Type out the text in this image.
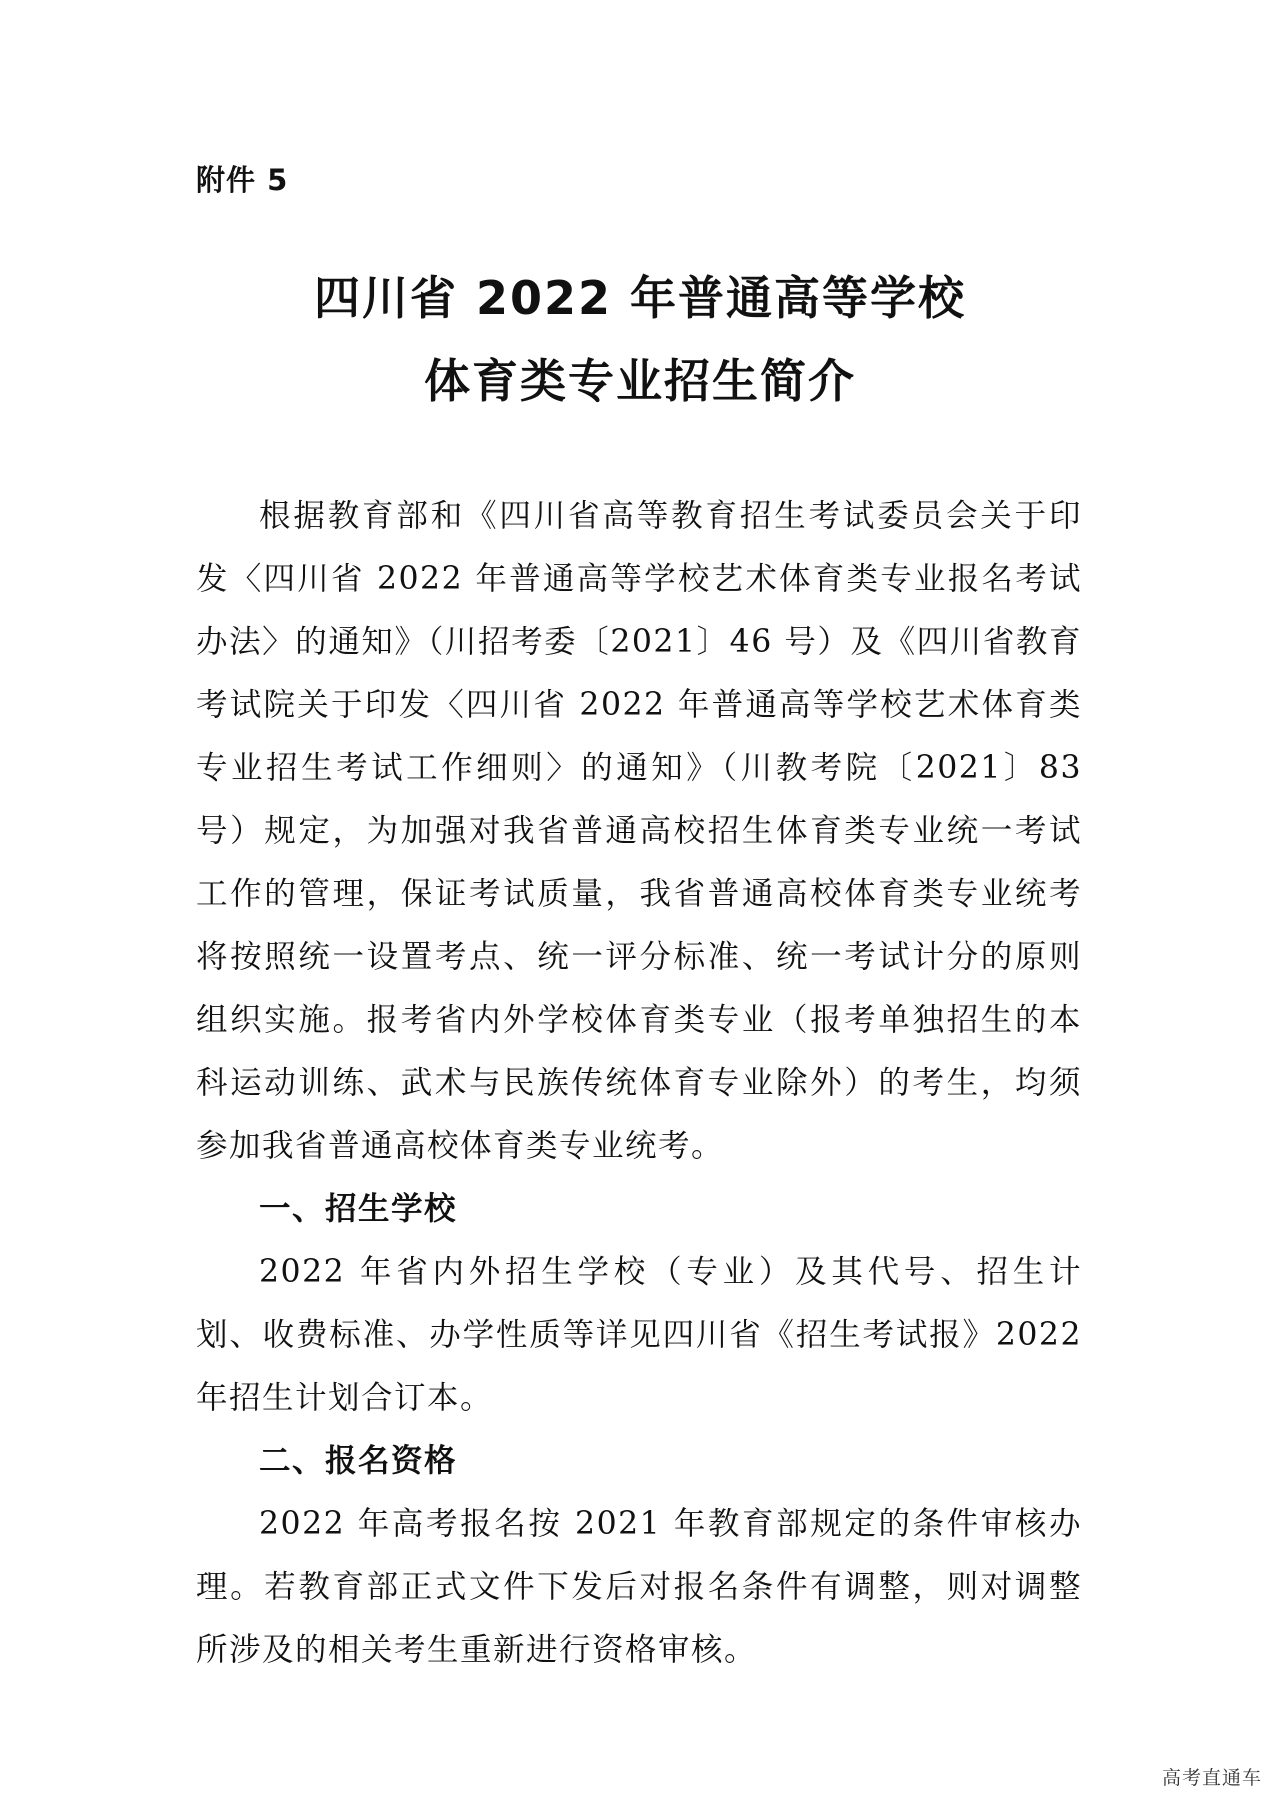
附件 5
四川省 2022 年普通高等学校
体育类专业招生简介

根据教育部和《四川省高等教育招生考试委员会关于印发〈四川省 2022 年普通高等学校艺术体育类专业报名考试办法〉的通知》（川招考委〔2021〕46 号）及《四川省教育考试院关于印发〈四川省 2022 年普通高等学校艺术体育类专业招生考试工作细则〉的通知》（川教考院〔2021〕83 号）规定，为加强对我省普通高校招生体育类专业统一考试工作的管理，保证考试质量，我省普通高校体育类专业统考将按照统一设置考点、统一评分标准、统一考试计分的原则组织实施。报考省内外学校体育类专业（报考单独招生的本科运动训练、武术与民族传统体育专业除外）的考生，均须参加我省普通高校体育类专业统考。

一、招生学校

2022 年省内外招生学校（专业）及其代号、招生计划、收费标准、办学性质等详见四川省《招生考试报》2022 年招生计划合订本。

二、报名资格

2022 年高考报名按 2021 年教育部规定的条件审核办理。若教育部正式文件下发后对报名条件有调整，则对调整所涉及的相关考生重新进行资格审核。

高考直通车
